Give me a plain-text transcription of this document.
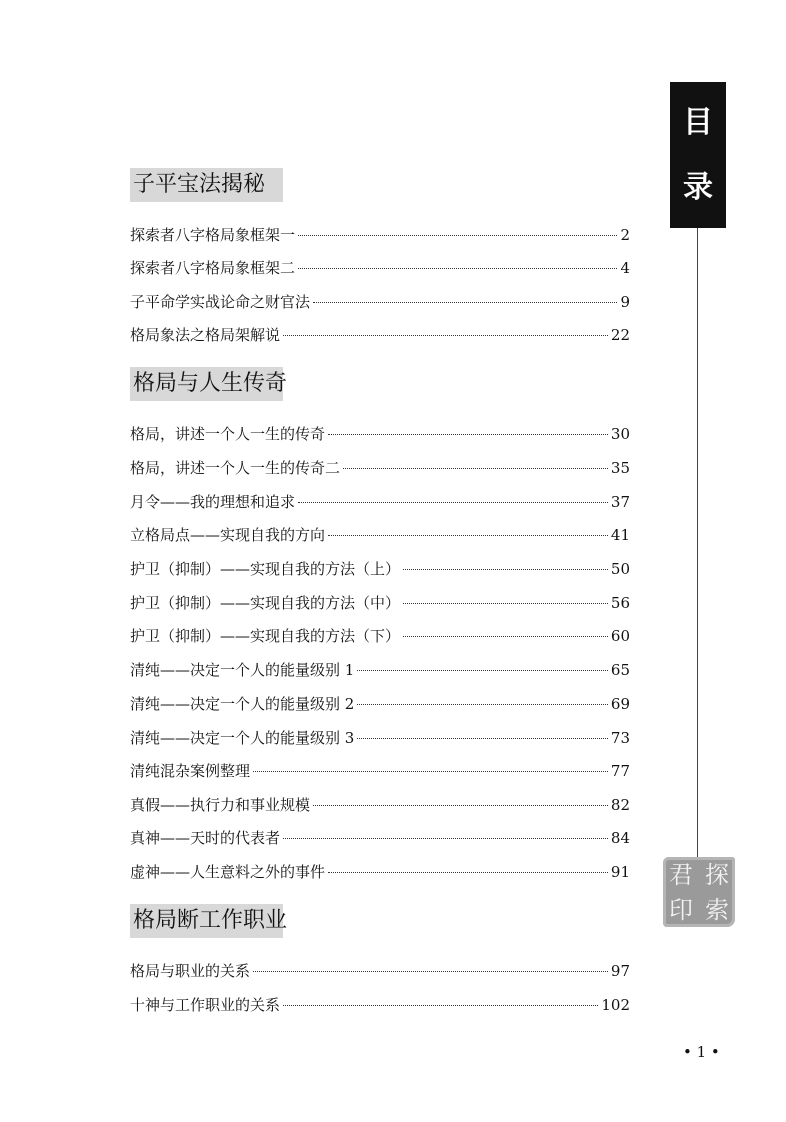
目
录
君 探
印 索
子平宝法揭秘
探索者八字格局象框架一	2
探索者八字格局象框架二	4
子平命学实战论命之财官法	9
格局象法之格局架解说	22
格局与人生传奇
格局，讲述一个人一生的传奇	30
格局，讲述一个人一生的传奇二	35
月令——我的理想和追求	37
立格局点——实现自我的方向	41
护卫（抑制）——实现自我的方法（上）	50
护卫（抑制）——实现自我的方法（中）	56
护卫（抑制）——实现自我的方法（下）	60
清纯——决定一个人的能量级别 1	65
清纯——决定一个人的能量级别 2	69
清纯——决定一个人的能量级别 3	73
清纯混杂案例整理	77
真假——执行力和事业规模	82
真神——天时的代表者	84
虚神——人生意料之外的事件	91
格局断工作职业
格局与职业的关系	97
十神与工作职业的关系	102
• 1 •
